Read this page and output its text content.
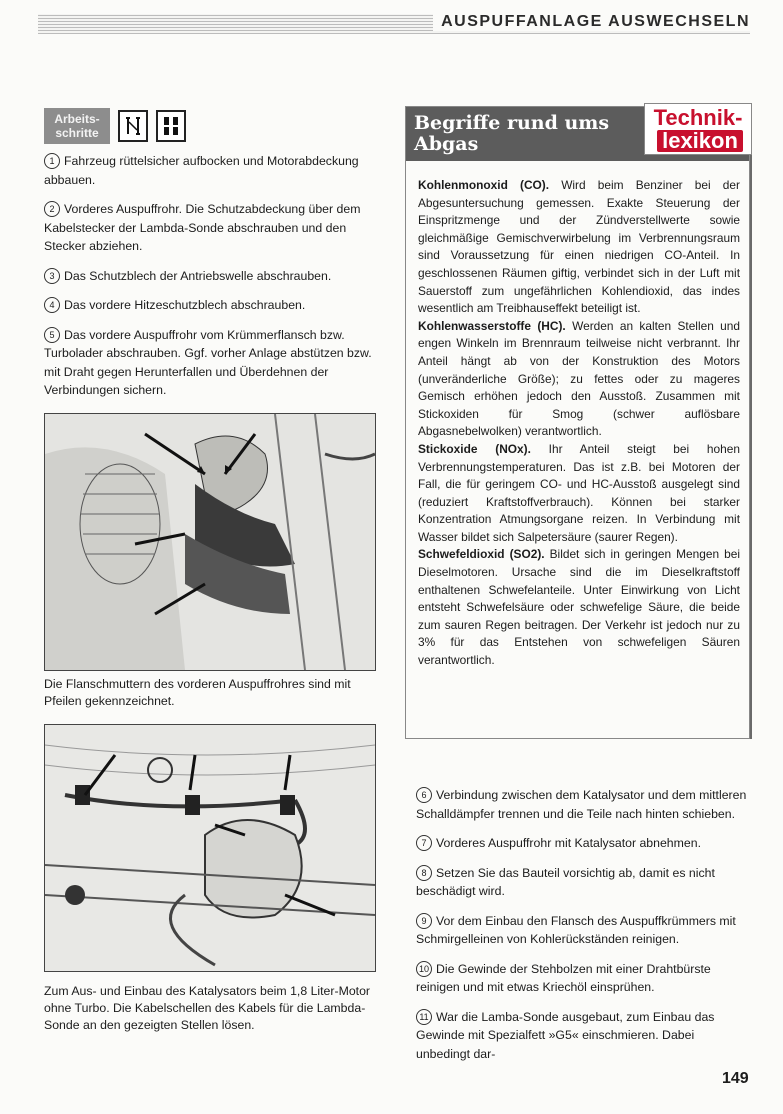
AUSPUFFANLAGE AUSWECHSELN
Arbeits-
schritte
1 Fahrzeug rüttelsicher aufbocken und Motorabdeckung abbauen.
2 Vorderes Auspuffrohr. Die Schutzabdeckung über dem Kabelstecker der Lambda-Sonde abschrauben und den Stecker abziehen.
3 Das Schutzblech der Antriebswelle abschrauben.
4 Das vordere Hitzeschutzblech abschrauben.
5 Das vordere Auspuffrohr vom Krümmerflansch bzw. Turbolader abschrauben. Ggf. vorher Anlage abstützen bzw. mit Draht gegen Herunterfallen und Überdehnen der Verbindungen sichern.
Die Flanschmuttern des vorderen Auspuffrohres sind mit Pfeilen gekennzeichnet.
Zum Aus- und Einbau des Katalysators beim 1,8 Liter-Motor ohne Turbo. Die Kabelschellen des Kabels für die Lambda-Sonde an den gezeigten Stellen lösen.
Begriffe rund ums Abgas
Technik-
lexikon
Kohlenmonoxid (CO). Wird beim Benziner bei der Abgesuntersuchung gemessen. Exakte Steuerung der Einspritzmenge und der Zündverstellwerte sowie gleichmäßige Gemischverwirbelung im Verbrennungsraum sind Voraussetzung für einen niedrigen CO-Anteil. In geschlossenen Räumen giftig, verbindet sich in der Luft mit Sauerstoff zum ungefährlichen Kohlendioxid, das indes wesentlich am Treibhauseffekt beteiligt ist.
Kohlenwasserstoffe (HC). Werden an kalten Stellen und engen Winkeln im Brennraum teilweise nicht verbrannt. Ihr Anteil hängt ab von der Konstruktion des Motors (unveränderliche Größe); zu fettes oder zu mageres Gemisch erhöhen jedoch den Ausstoß. Zusammen mit Stickoxiden für Smog (schwer auflösbare Abgasnebelwolken) verantwortlich.
Stickoxide (NOx). Ihr Anteil steigt bei hohen Verbrennungstemperaturen. Das ist z.B. bei Motoren der Fall, die für geringem CO- und HC-Ausstoß ausgelegt sind (reduziert Kraftstoffverbrauch). Können bei starker Konzentration Atmungsorgane reizen. In Verbindung mit Wasser bildet sich Salpetersäure (saurer Regen).
Schwefeldioxid (SO2). Bildet sich in geringen Mengen bei Dieselmotoren. Ursache sind die im Dieselkraftstoff enthaltenen Schwefelanteile. Unter Einwirkung von Licht entsteht Schwefelsäure oder schwefelige Säure, die beide zum sauren Regen beitragen. Der Verkehr ist jedoch nur zu 3% für das Entstehen von schwefeligen Säuren verantwortlich.
6 Verbindung zwischen dem Katalysator und dem mittleren Schalldämpfer trennen und die Teile nach hinten schieben.
7 Vorderes Auspuffrohr mit Katalysator abnehmen.
8 Setzen Sie das Bauteil vorsichtig ab, damit es nicht beschädigt wird.
9 Vor dem Einbau den Flansch des Auspuffkrümmers mit Schmirgelleinen von Kohlerückständen reinigen.
10 Die Gewinde der Stehbolzen mit einer Drahtbürste reinigen und mit etwas Kriechöl einsprühen.
11 War die Lamba-Sonde ausgebaut, zum Einbau das Gewinde mit Spezialfett »G5« einschmieren. Dabei unbedingt dar-
149
